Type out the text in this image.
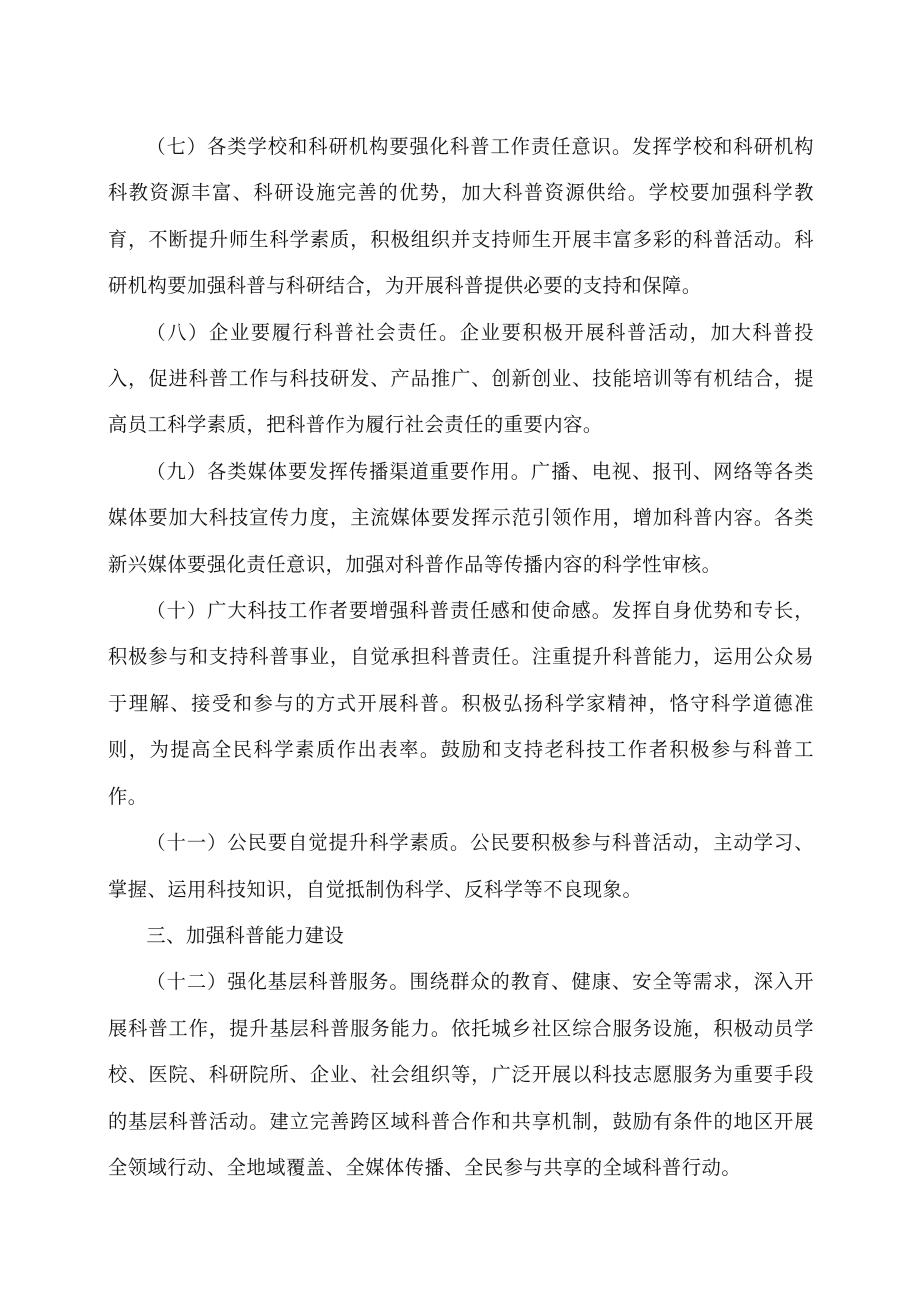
（七）各类学校和科研机构要强化科普工作责任意识。发挥学校和科研机构科教资源丰富、科研设施完善的优势，加大科普资源供给。学校要加强科学教育，不断提升师生科学素质，积极组织并支持师生开展丰富多彩的科普活动。科研机构要加强科普与科研结合，为开展科普提供必要的支持和保障。

（八）企业要履行科普社会责任。企业要积极开展科普活动，加大科普投入，促进科普工作与科技研发、产品推广、创新创业、技能培训等有机结合，提高员工科学素质，把科普作为履行社会责任的重要内容。

（九）各类媒体要发挥传播渠道重要作用。广播、电视、报刊、网络等各类媒体要加大科技宣传力度，主流媒体要发挥示范引领作用，增加科普内容。各类新兴媒体要强化责任意识，加强对科普作品等传播内容的科学性审核。

（十）广大科技工作者要增强科普责任感和使命感。发挥自身优势和专长，积极参与和支持科普事业，自觉承担科普责任。注重提升科普能力，运用公众易于理解、接受和参与的方式开展科普。积极弘扬科学家精神，恪守科学道德准则，为提高全民科学素质作出表率。鼓励和支持老科技工作者积极参与科普工作。

（十一）公民要自觉提升科学素质。公民要积极参与科普活动，主动学习、掌握、运用科技知识，自觉抵制伪科学、反科学等不良现象。

三、加强科普能力建设

（十二）强化基层科普服务。围绕群众的教育、健康、安全等需求，深入开展科普工作，提升基层科普服务能力。依托城乡社区综合服务设施，积极动员学校、医院、科研院所、企业、社会组织等，广泛开展以科技志愿服务为重要手段的基层科普活动。建立完善跨区域科普合作和共享机制，鼓励有条件的地区开展全领域行动、全地域覆盖、全媒体传播、全民参与共享的全域科普行动。
